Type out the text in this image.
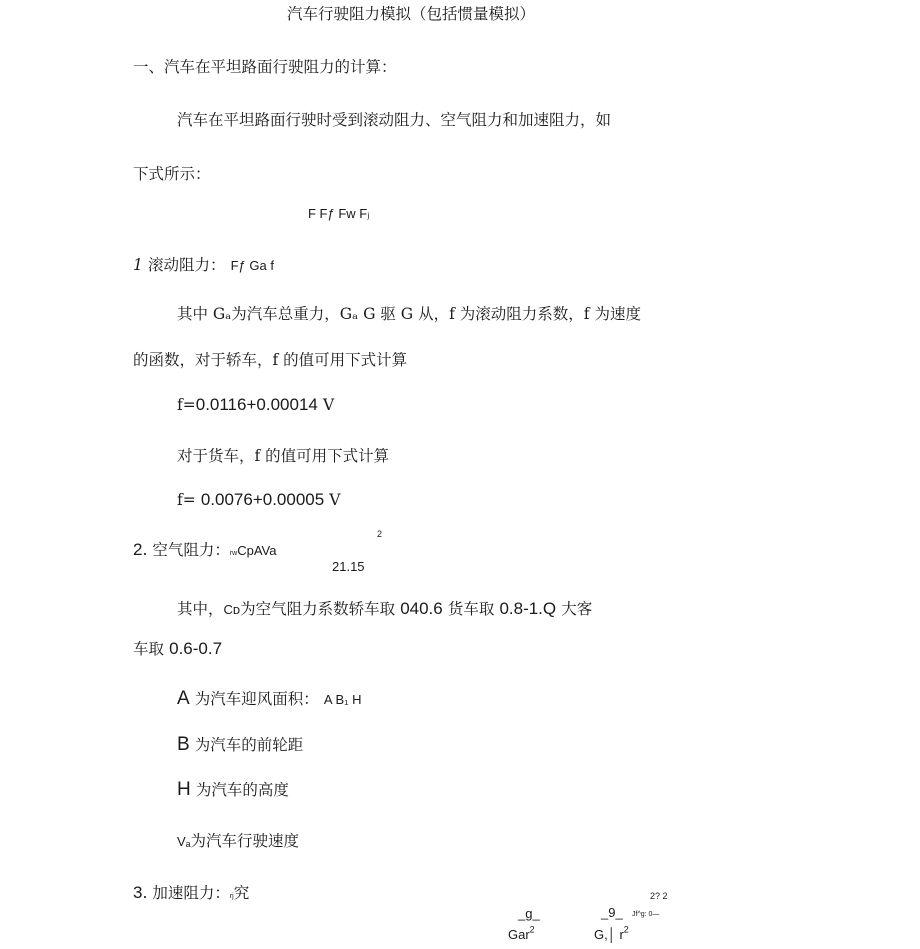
汽车行驶阻力模拟（包括惯量模拟）
一、汽车在平坦路面行驶阻力的计算：
汽车在平坦路面行驶时受到滚动阻力、空气阻力和加速阻力，如
下式所示：
F Fƒ Fw Fⱼ
1 滚动阻力： Fƒ Ga f
其中 Gₐ为汽车总重力，Gₐ G 驱 G 从，f 为滚动阻力系数，f 为速度
的函数，对于轿车，f 的值可用下式计算
f=0.0116+0.00014 V
对于货车，f 的值可用下式计算
f= 0.0076+0.00005 V
2
2. 空气阻力：rwCpAVa
21.15
其中，Cᴅ为空气阻力系数轿车取 040.6 货车取 0.8-1.Q 大客
车取 0.6-0.7
A 为汽车迎风面积： A B₁ H
B 为汽车的前轮距
H 为汽车的高度
Vₐ为汽车行驶速度
3. 加速阻力：rj究	2? 2
_g_
Gar$^2$
_9_ Jf^g: 0—
G,│ $r^2$
